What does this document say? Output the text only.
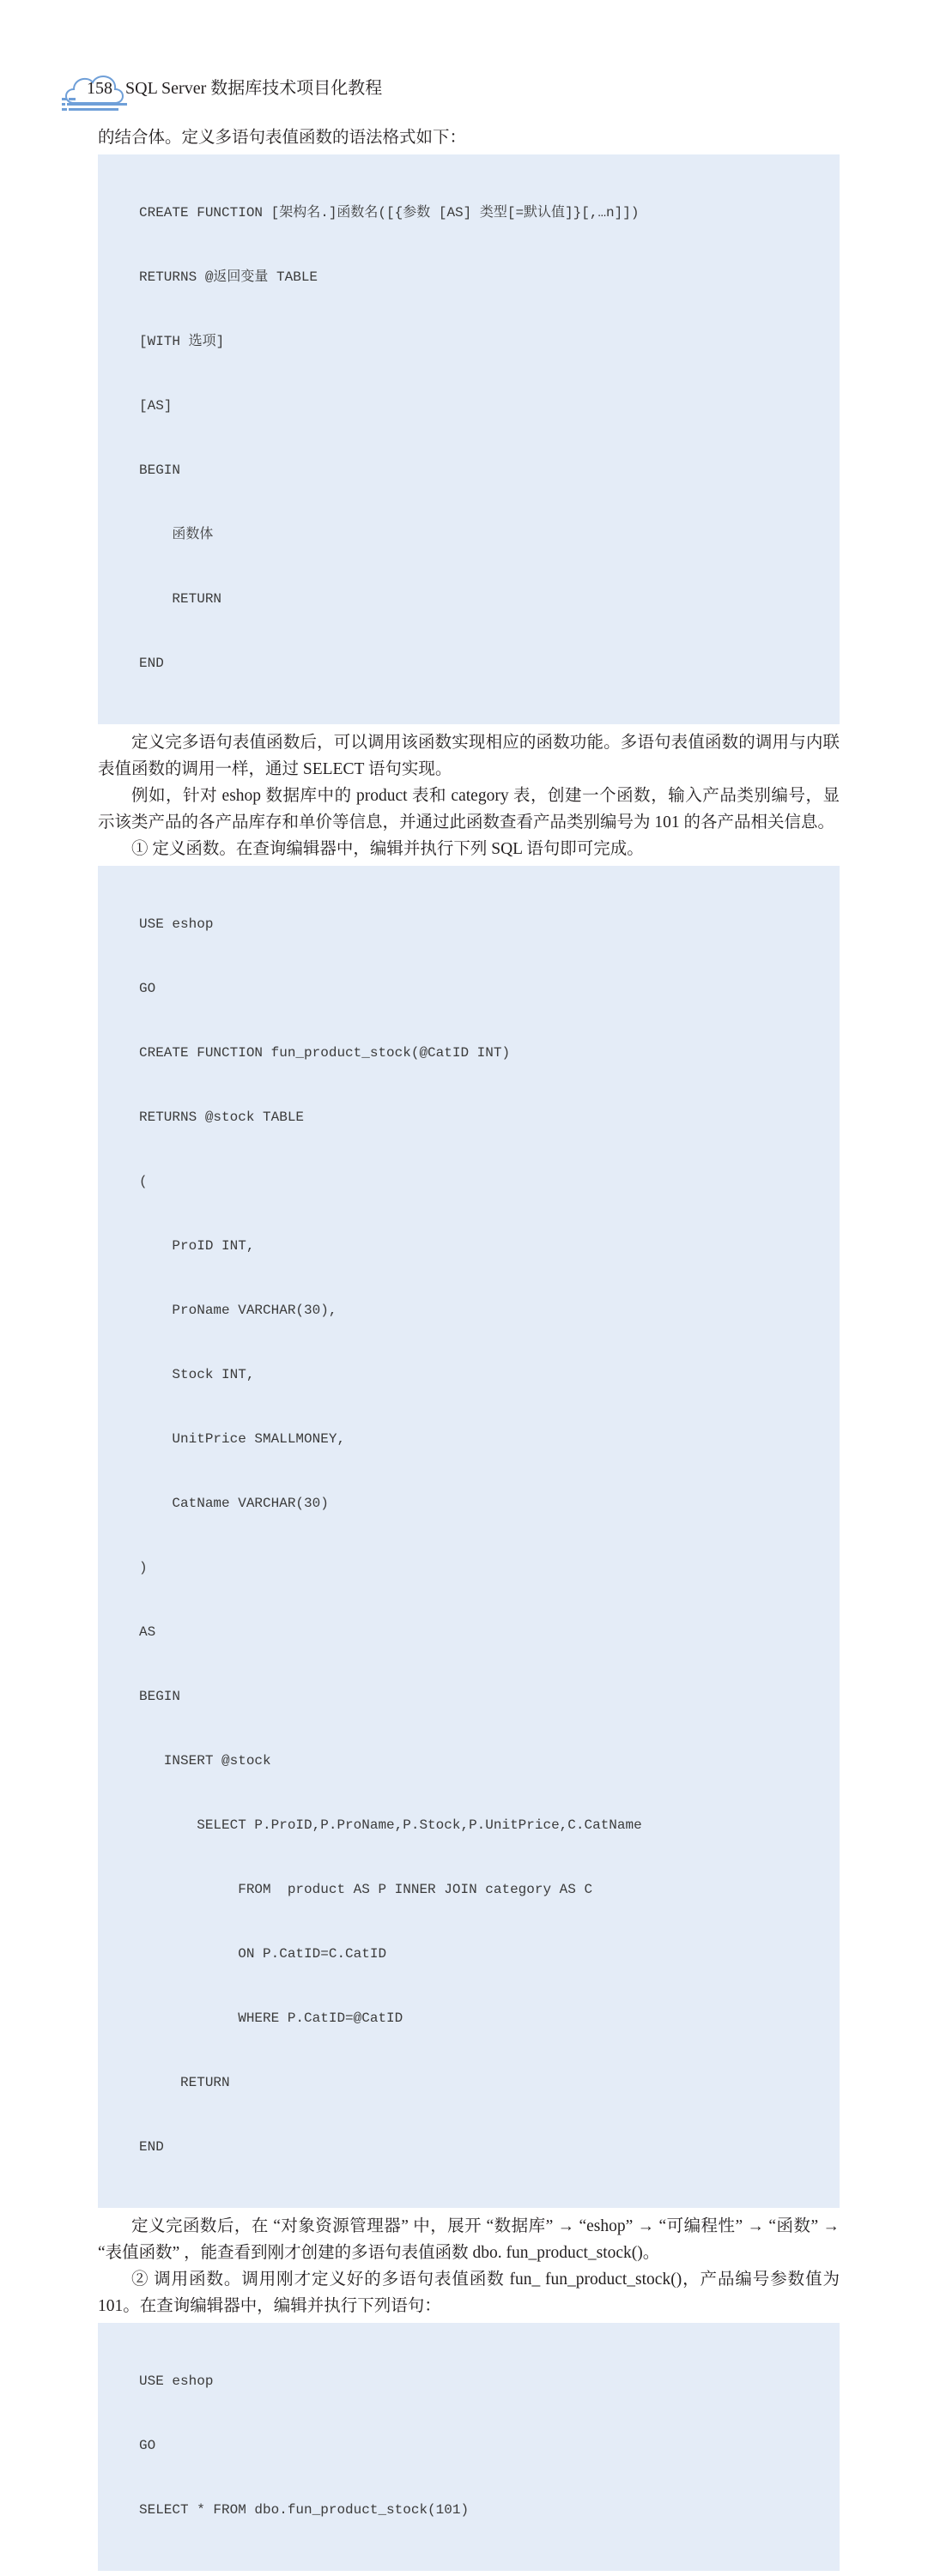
158 SQL Server 数据库技术项目化教程

的结合体。定义多语句表值函数的语法格式如下：

CREATE FUNCTION [架构名.]函数名([{参数 [AS] 类型[=默认值]}[,…n]])

RETURNS @返回变量 TABLE

[WITH 选项]

[AS]

BEGIN

函数体

RETURN

END

定义完多语句表值函数后，可以调用该函数实现相应的函数功能。多语句表值函数的调用与内联表值函数的调用一样，通过 SELECT 语句实现。

例如，针对 eshop 数据库中的 product 表和 category 表，创建一个函数，输入产品类别编号，显示该类产品的各产品库存和单价等信息，并通过此函数查看产品类别编号为 101 的各产品相关信息。

① 定义函数。在查询编辑器中，编辑并执行下列 SQL 语句即可完成。

USE eshop

GO

CREATE FUNCTION fun_product_stock(@CatID INT)

RETURNS @stock TABLE

(

ProID INT,

ProName VARCHAR(30),

Stock INT,

UnitPrice SMALLMONEY,

CatName VARCHAR(30)

)

AS

BEGIN

INSERT @stock

SELECT P.ProID,P.ProName,P.Stock,P.UnitPrice,C.CatName

FROM  product AS P INNER JOIN category AS C

ON P.CatID=C.CatID

WHERE P.CatID=@CatID

RETURN

END

定义完函数后，在 “对象资源管理器” 中，展开 “数据库” → “eshop” → “可编程性” → “函数” → “表值函数” ，能查看到刚才创建的多语句表值函数 dbo. fun_product_stock()。

② 调用函数。调用刚才定义好的多语句表值函数 fun_ fun_product_stock()，产品编号参数值为 101。在查询编辑器中，编辑并执行下列语句：

USE eshop

GO

SELECT * FROM dbo.fun_product_stock(101)
